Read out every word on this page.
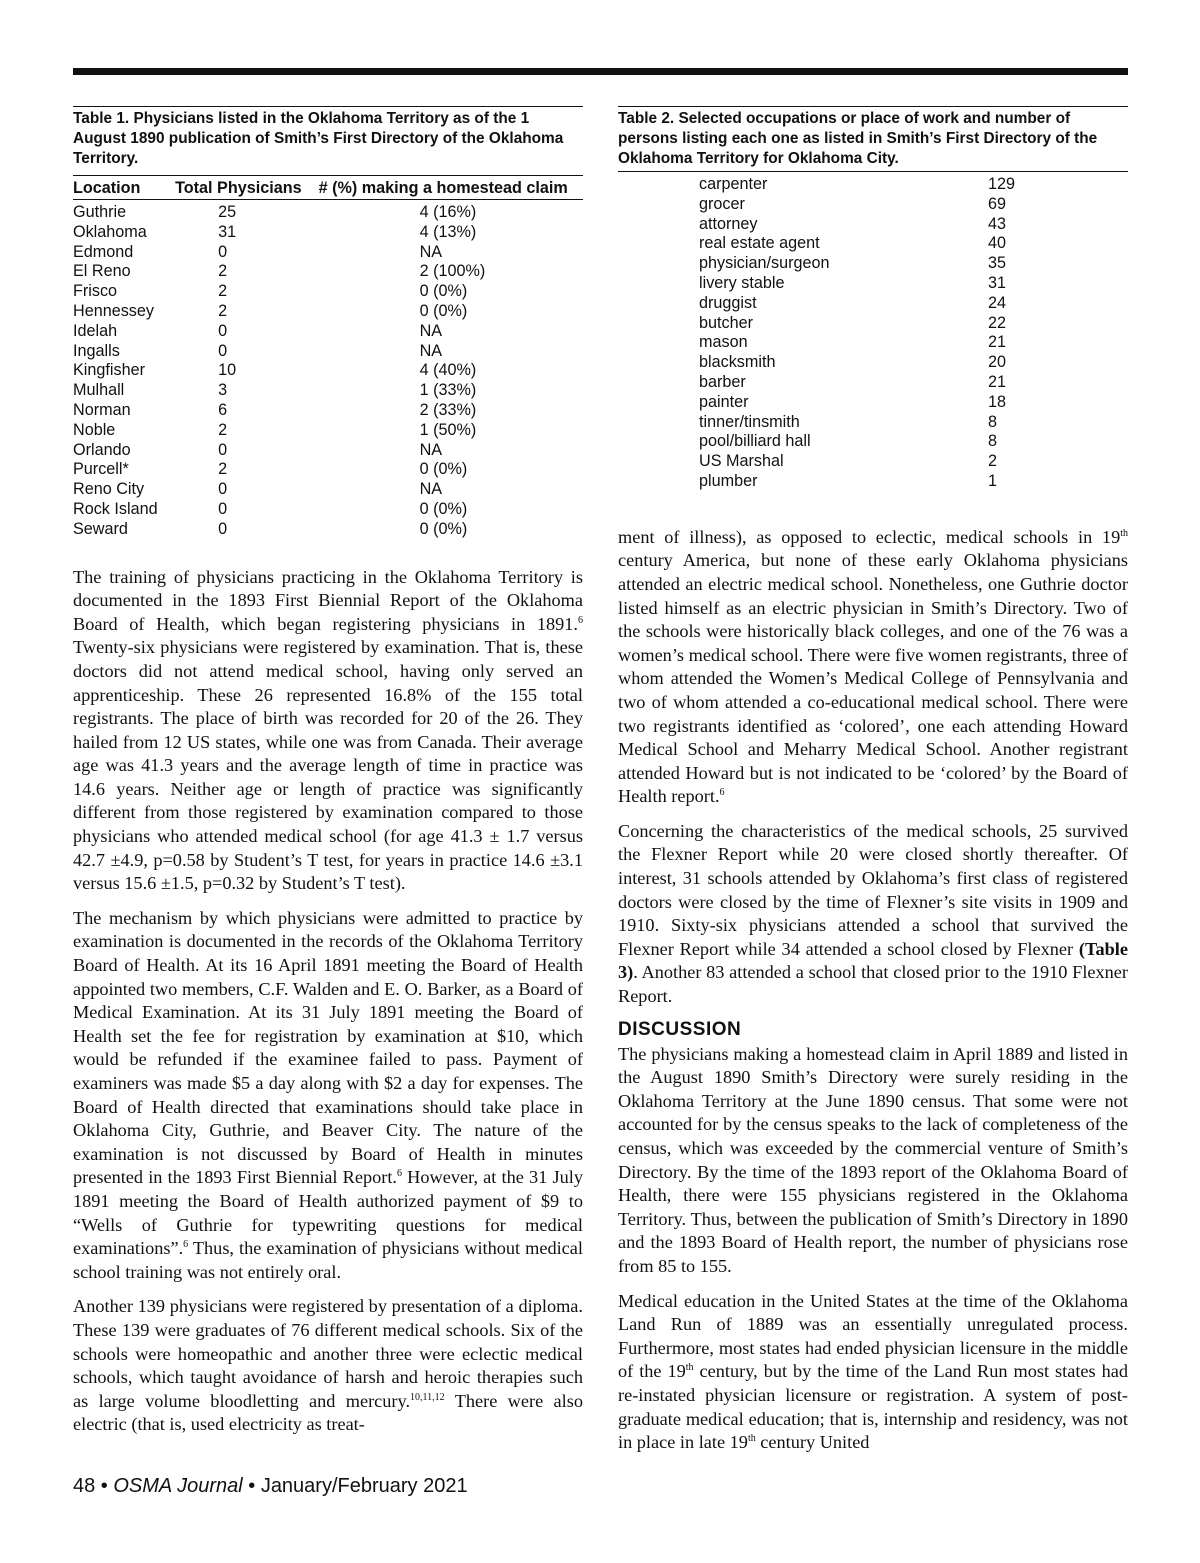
Table 1. Physicians listed in the Oklahoma Territory as of the 1 August 1890 publication of Smith’s First Directory of the Oklahoma Territory.

Location	Total Physicians	# (%) making a homestead claim
Guthrie	25	4 (16%)
Oklahoma	31	4 (13%)
Edmond	0	NA
El Reno	2	2 (100%)
Frisco	2	0 (0%)
Hennessey	2	0 (0%)
Idelah	0	NA
Ingalls	0	NA
Kingfisher	10	4 (40%)
Mulhall	3	1 (33%)
Norman	6	2 (33%)
Noble	2	1 (50%)
Orlando	0	NA
Purcell*	2	0 (0%)
Reno City	0	NA
Rock Island	0	0 (0%)
Seward	0	0 (0%)

The training of physicians practicing in the Oklahoma Territory is documented in the 1893 First Biennial Report of the Oklahoma Board of Health, which began registering physicians in 1891.$^6$ Twenty-six physicians were registered by examination. That is, these doctors did not attend medical school, having only served an apprenticeship. These 26 represented 16.8% of the 155 total registrants. The place of birth was recorded for 20 of the 26. They hailed from 12 US states, while one was from Canada. Their average age was 41.3 years and the average length of time in practice was 14.6 years. Neither age or length of practice was significantly different from those registered by examination compared to those physicians who attended medical school (for age 41.3 ± 1.7 versus 42.7 ±4.9, p=0.58 by Student’s T test, for years in practice 14.6 ±3.1 versus 15.6 ±1.5, p=0.32 by Student’s T test).

The mechanism by which physicians were admitted to practice by examination is documented in the records of the Oklahoma Territory Board of Health. At its 16 April 1891 meeting the Board of Health appointed two members, C.F. Walden and E. O. Barker, as a Board of Medical Examination. At its 31 July 1891 meeting the Board of Health set the fee for registration by examination at $10, which would be refunded if the examinee failed to pass. Payment of examiners was made $5 a day along with $2 a day for expenses. The Board of Health directed that examinations should take place in Oklahoma City, Guthrie, and Beaver City. The nature of the examination is not discussed by Board of Health in minutes presented in the 1893 First Biennial Report.$^6$ However, at the 31 July 1891 meeting the Board of Health authorized payment of $9 to “Wells of Guthrie for typewriting questions for medical examinations”.$^6$ Thus, the examination of physicians without medical school training was not entirely oral.

Another 139 physicians were registered by presentation of a diploma. These 139 were graduates of 76 different medical schools. Six of the schools were homeopathic and another three were eclectic medical schools, which taught avoidance of harsh and heroic therapies such as large volume bloodletting and mercury.$^{10,11,12}$ There were also electric (that is, used electricity as treat-

Table 2. Selected occupations or place of work and number of persons listing each one as listed in Smith’s First Directory of the Oklahoma Territory for Oklahoma City.

carpenter	129
grocer	69
attorney	43
real estate agent	40
physician/surgeon	35
livery stable	31
druggist	24
butcher	22
mason	21
blacksmith	20
barber	21
painter	18
tinner/tinsmith	8
pool/billiard hall	8
US Marshal	2
plumber	1

ment of illness), as opposed to eclectic, medical schools in 19th century America, but none of these early Oklahoma physicians attended an electric medical school. Nonetheless, one Guthrie doctor listed himself as an electric physician in Smith’s Directory. Two of the schools were historically black colleges, and one of the 76 was a women’s medical school. There were five women registrants, three of whom attended the Women’s Medical College of Pennsylvania and two of whom attended a co-educational medical school. There were two registrants identified as ‘colored’, one each attending Howard Medical School and Meharry Medical School. Another registrant attended Howard but is not indicated to be ‘colored’ by the Board of Health report.$^6$

Concerning the characteristics of the medical schools, 25 survived the Flexner Report while 20 were closed shortly thereafter. Of interest, 31 schools attended by Oklahoma’s first class of registered doctors were closed by the time of Flexner’s site visits in 1909 and 1910. Sixty-six physicians attended a school that survived the Flexner Report while 34 attended a school closed by Flexner (Table 3). Another 83 attended a school that closed prior to the 1910 Flexner Report.

DISCUSSION

The physicians making a homestead claim in April 1889 and listed in the August 1890 Smith’s Directory were surely residing in the Oklahoma Territory at the June 1890 census. That some were not accounted for by the census speaks to the lack of completeness of the census, which was exceeded by the commercial venture of Smith’s Directory. By the time of the 1893 report of the Oklahoma Board of Health, there were 155 physicians registered in the Oklahoma Territory. Thus, between the publication of Smith’s Directory in 1890 and the 1893 Board of Health report, the number of physicians rose from 85 to 155.

Medical education in the United States at the time of the Oklahoma Land Run of 1889 was an essentially unregulated process. Furthermore, most states had ended physician licensure in the middle of the 19th century, but by the time of the Land Run most states had re-instated physician licensure or registration. A system of post-graduate medical education; that is, internship and residency, was not in place in late 19th century United

48 • OSMA Journal • January/February 2021
